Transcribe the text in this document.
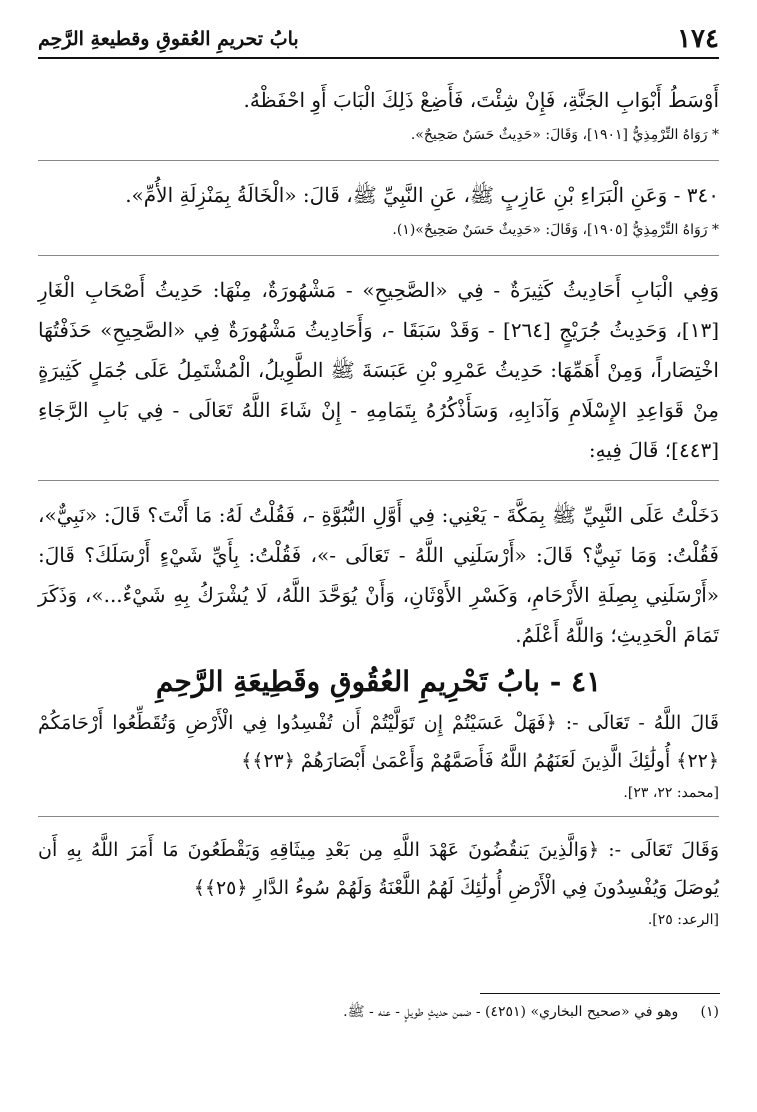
١٧٤
بابُ تحريمِ العُقوقِ وقطيعةِ الرَّحِم

أَوْسَطُ أَبْوَابِ الجَنَّةِ، فَإِنْ شِئْتَ، فَأَضِعْ ذَلِكَ الْبَابَ أَوِ احْفَظْهُ.

* رَوَاهُ التِّرْمِذِيُّ [١٩٠١]، وَقَالَ: «حَدِيثٌ حَسَنٌ صَحِيحٌ».

٣٤٠ - وَعَنِ الْبَرَاءِ بْنِ عَازِبٍ ﷺ، عَنِ النَّبِيِّ ﷺ، قَالَ: «الْخَالَةُ بِمَنْزِلَةِ الأُمِّ».

* رَوَاهُ التِّرْمِذِيُّ [١٩٠٥]، وَقَالَ: «حَدِيثٌ حَسَنٌ صَحِيحٌ»(١).

وَفِي الْبَابِ أَحَادِيثُ كَثِيرَةٌ - فِي «الصَّحِيحِ» - مَشْهُورَةٌ، مِنْهَا: حَدِيثُ أَصْحَابِ الْغَارِ [١٣]، وَحَدِيثُ جُرَيْجٍ [٢٦٤] - وَقَدْ سَبَقَا -، وَأَحَادِيثُ مَشْهُورَةٌ فِي «الصَّحِيحِ» حَذَفْتُهَا اخْتِصَاراً، وَمِنْ أَهَمِّهَا: حَدِيثُ عَمْرِو بْنِ عَبَسَةَ ﷺ الطَّوِيلُ، الْمُشْتَمِلُ عَلَى جُمَلٍ كَثِيرَةٍ مِنْ قَوَاعِدِ الإِسْلَامِ وَآدَابِهِ، وَسَأَذْكُرُهُ بِتَمَامِهِ - إِنْ شَاءَ اللَّهُ تَعَالَى - فِي بَابِ الرَّجَاءِ [٤٤٣]؛ قَالَ فِيهِ:

دَخَلْتُ عَلَى النَّبِيِّ ﷺ بِمَكَّةَ - يَعْنِي: فِي أَوَّلِ النُّبُوَّةِ -، فَقُلْتُ لَهُ: مَا أَنْتَ؟ قَالَ: «نَبِيٌّ»، فَقُلْتُ: وَمَا نَبِيٌّ؟ قَالَ: «أَرْسَلَنِي اللَّهُ - تَعَالَى -»، فَقُلْتُ: بِأَيِّ شَيْءٍ أَرْسَلَكَ؟ قَالَ: «أَرْسَلَنِي بِصِلَةِ الأَرْحَامِ، وَكَسْرِ الأَوْثَانِ، وَأَنْ يُوَحَّدَ اللَّهُ، لَا يُشْرَكُ بِهِ شَيْءٌ...»، وَذَكَرَ تَمَامَ الْحَدِيثِ؛ وَاللَّهُ أَعْلَمُ.

٤١ - بابُ تَحْرِيمِ العُقُوقِ وقَطِيعَةِ الرَّحِمِ

قَالَ اللَّهُ - تَعَالَى -: ﴿فَهَلْ عَسَيْتُمْ إِن تَوَلَّيْتُمْ أَن تُفْسِدُوا فِي الْأَرْضِ وَتُقَطِّعُوا أَرْحَامَكُمْ ﴿٢٢﴾ أُولَٰئِكَ الَّذِينَ لَعَنَهُمُ اللَّهُ فَأَصَمَّهُمْ وَأَعْمَىٰ أَبْصَارَهُمْ ﴿٢٣﴾﴾

[محمد: ٢٢، ٢٣].

وَقَالَ تَعَالَى -: ﴿وَالَّذِينَ يَنقُضُونَ عَهْدَ اللَّهِ مِن بَعْدِ مِيثَاقِهِ وَيَقْطَعُونَ مَا أَمَرَ اللَّهُ بِهِ أَن يُوصَلَ وَيُفْسِدُونَ فِي الْأَرْضِ أُولَٰئِكَ لَهُمُ اللَّعْنَةُ وَلَهُمْ سُوءُ الدَّارِ ﴿٢٥﴾﴾

[الرعد: ٢٥].

(١)     وهو في «صحيح البخاري» (٤٢٥١) - ضمن حديثٍ طويلٍ - عنه - ﷺ.
